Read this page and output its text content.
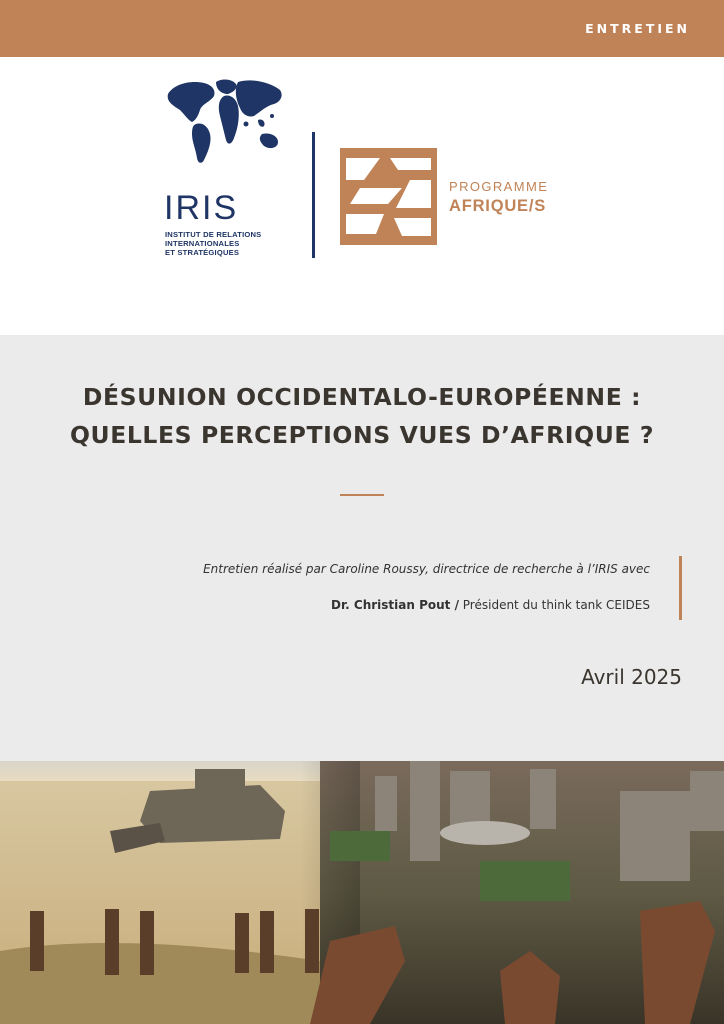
ENTRETIEN
IRIS
INSTITUT DE RELATIONS
INTERNATIONALES
ET STRATÉGIQUES
PROGRAMME
AFRIQUE/S
DÉSUNION OCCIDENTALO-EUROPÉENNE :
QUELLES PERCEPTIONS VUES D’AFRIQUE ?
Entretien réalisé par Caroline Roussy, directrice de recherche à l’IRIS avec
Dr. Christian Pout / Président du think tank CEIDES
Avril 2025
